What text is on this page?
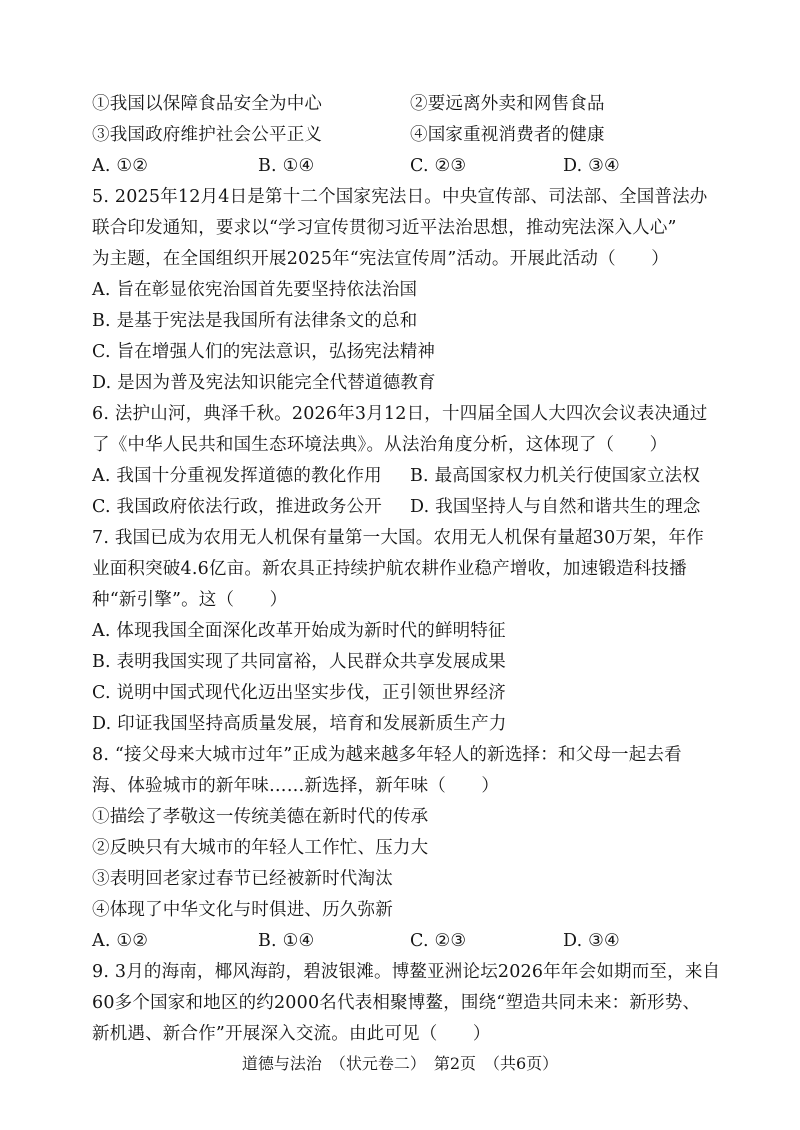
①我国以保障食品安全为中心	②要远离外卖和网售食品
③我国政府维护社会公平正义	④国家重视消费者的健康
A. ①②	B. ①④	C. ②③	D. ③④
5. 2025年12月4日是第十二个国家宪法日。中央宣传部、司法部、全国普法办
联合印发通知，要求以“学习宣传贯彻习近平法治思想，推动宪法深入人心”
为主题，在全国组织开展2025年“宪法宣传周”活动。开展此活动（　　）
A. 旨在彰显依宪治国首先要坚持依法治国
B. 是基于宪法是我国所有法律条文的总和
C. 旨在增强人们的宪法意识，弘扬宪法精神
D. 是因为普及宪法知识能完全代替道德教育
6. 法护山河，典泽千秋。2026年3月12日，十四届全国人大四次会议表决通过
了《中华人民共和国生态环境法典》。从法治角度分析，这体现了（　　）
A. 我国十分重视发挥道德的教化作用 B. 最高国家权力机关行使国家立法权
C. 我国政府依法行政，推进政务公开 D. 我国坚持人与自然和谐共生的理念
7. 我国已成为农用无人机保有量第一大国。农用无人机保有量超30万架，年作
业面积突破4.6亿亩。新农具正持续护航农耕作业稳产增收，加速锻造科技播
种“新引擎”。这（　　）
A. 体现我国全面深化改革开始成为新时代的鲜明特征
B. 表明我国实现了共同富裕，人民群众共享发展成果
C. 说明中国式现代化迈出坚实步伐，正引领世界经济
D. 印证我国坚持高质量发展，培育和发展新质生产力
8. “接父母来大城市过年”正成为越来越多年轻人的新选择：和父母一起去看
海、体验城市的新年味……新选择，新年味（　　）
①描绘了孝敬这一传统美德在新时代的传承
②反映只有大城市的年轻人工作忙、压力大
③表明回老家过春节已经被新时代淘汰
④体现了中华文化与时俱进、历久弥新
A. ①②	B. ①④	C. ②③	D. ③④
9. 3月的海南，椰风海韵，碧波银滩。博鳌亚洲论坛2026年年会如期而至，来自
60多个国家和地区的约2000名代表相聚博鳌，围绕“塑造共同未来：新形势、
新机遇、新合作”开展深入交流。由此可见（　　）
道德与法治　（状元卷二）　第2页　（共6页）
